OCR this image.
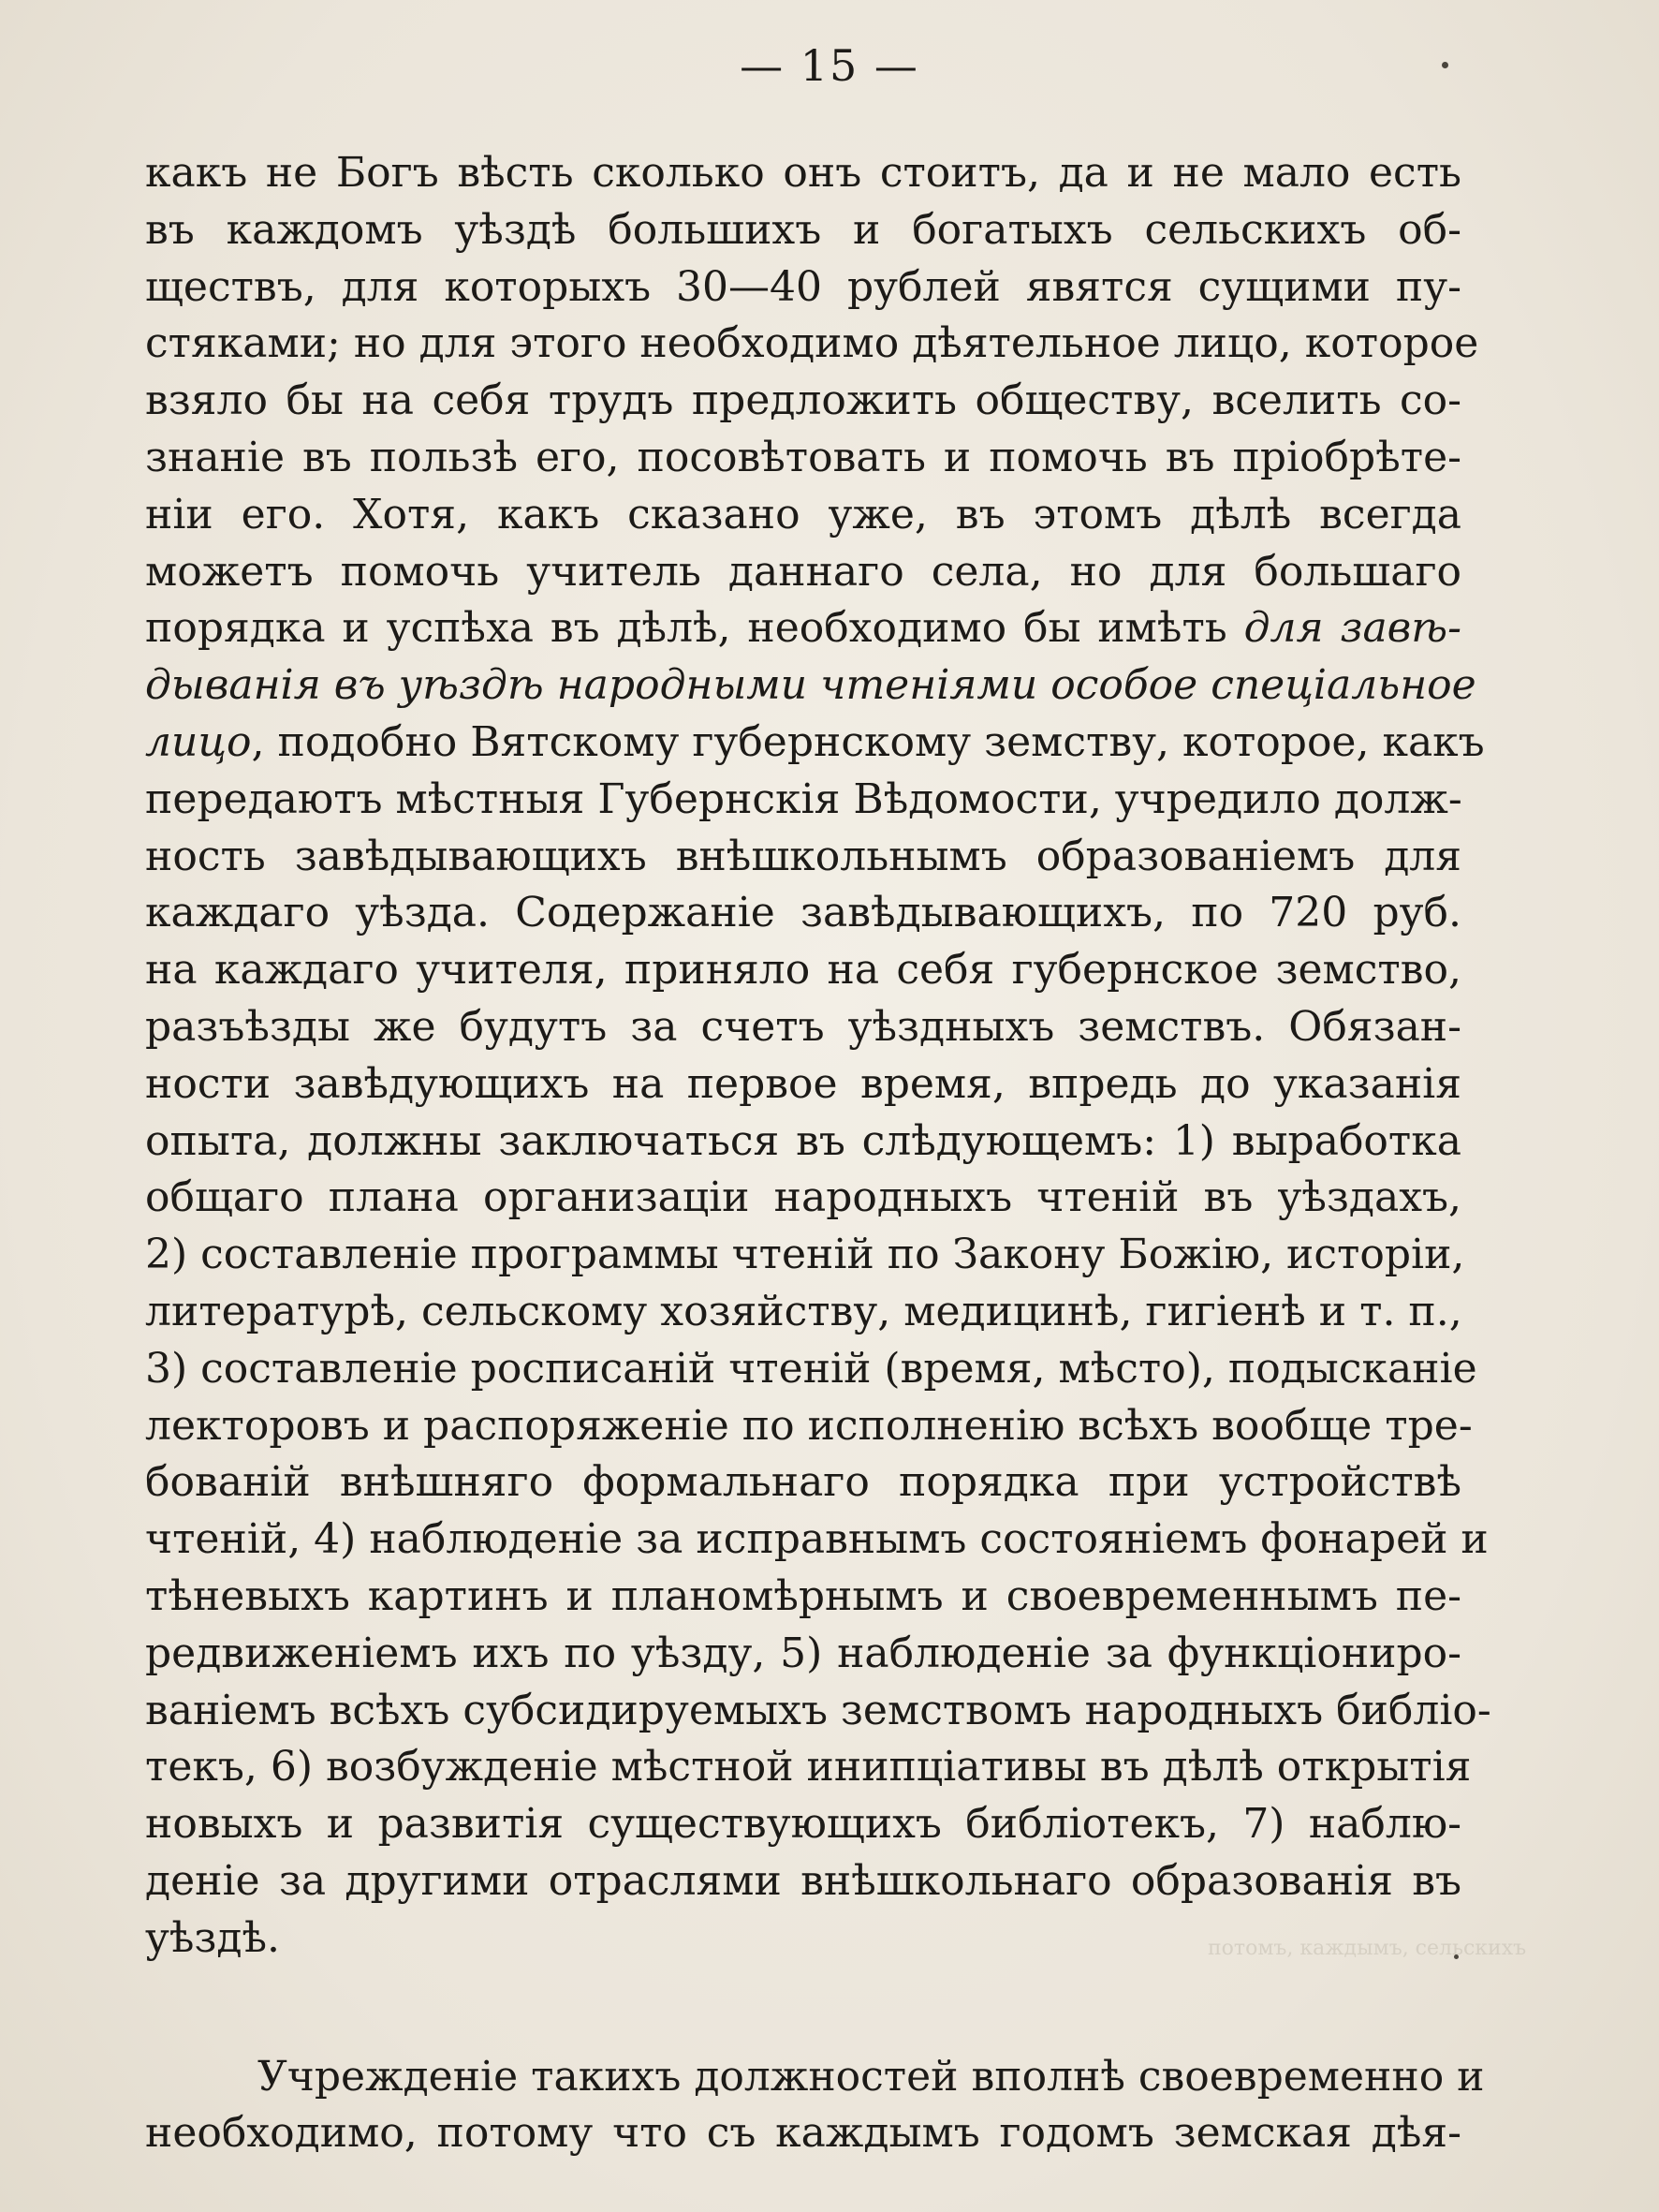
— 15 —
потомъ, каждымъ, сельскихъ
какъ не Богъ вѣсть сколько онъ стоитъ, да и не мало есть
въ каждомъ уѣздѣ большихъ и богатыхъ сельскихъ об-
ществъ, для которыхъ 30—40 рублей явятся сущими пу-
стяками; но для этого необходимо дѣятельное лицо, которое
взяло бы на себя трудъ предложить обществу, вселить со-
знаніе въ пользѣ его, посовѣтовать и помочь въ пріобрѣте-
ніи его. Хотя, какъ сказано уже, въ этомъ дѣлѣ всегда
можетъ помочь учитель даннаго села, но для большаго
порядка и успѣха въ дѣлѣ, необходимо бы имѣть для завѣ-
дыванія въ уѣздѣ народными чтеніями особое спеціальное
лицо, подобно Вятскому губернскому земству, которое, какъ
передаютъ мѣстныя Губернскія Вѣдомости, учредило долж-
ность завѣдывающихъ внѣшкольнымъ образованіемъ для
каждаго уѣзда. Содержаніе завѣдывающихъ, по 720 руб.
на каждаго учителя, приняло на себя губернское земство,
разъѣзды же будутъ за счетъ уѣздныхъ земствъ. Обязан-
ности завѣдующихъ на первое время, впредь до указанія
опыта, должны заключаться въ слѣдующемъ: 1) выработка
общаго плана организаціи народныхъ чтеній въ уѣздахъ,
2) составленіе программы чтеній по Закону Божію, исторіи,
литературѣ, сельскому хозяйству, медицинѣ, гигіенѣ и т. п.,
3) составленіе росписаній чтеній (время, мѣсто), подысканіе
лекторовъ и распоряженіе по исполненію всѣхъ вообще тре-
бованій внѣшняго формальнаго порядка при устройствѣ
чтеній, 4) наблюденіе за исправнымъ состояніемъ фонарей и
тѣневыхъ картинъ и планомѣрнымъ и своевременнымъ пе-
редвиженіемъ ихъ по уѣзду, 5) наблюденіе за функціониро-
ваніемъ всѣхъ субсидируемыхъ земствомъ народныхъ библіо-
текъ, 6) возбужденіе мѣстной инипціативы въ дѣлѣ открытія
новыхъ и развитія существующихъ библіотекъ, 7) наблю-
деніе за другими отраслями внѣшкольнаго образованія въ
уѣздѣ.
Учрежденіе такихъ должностей вполнѣ своевременно и
необходимо, потому что съ каждымъ годомъ земская дѣя-
